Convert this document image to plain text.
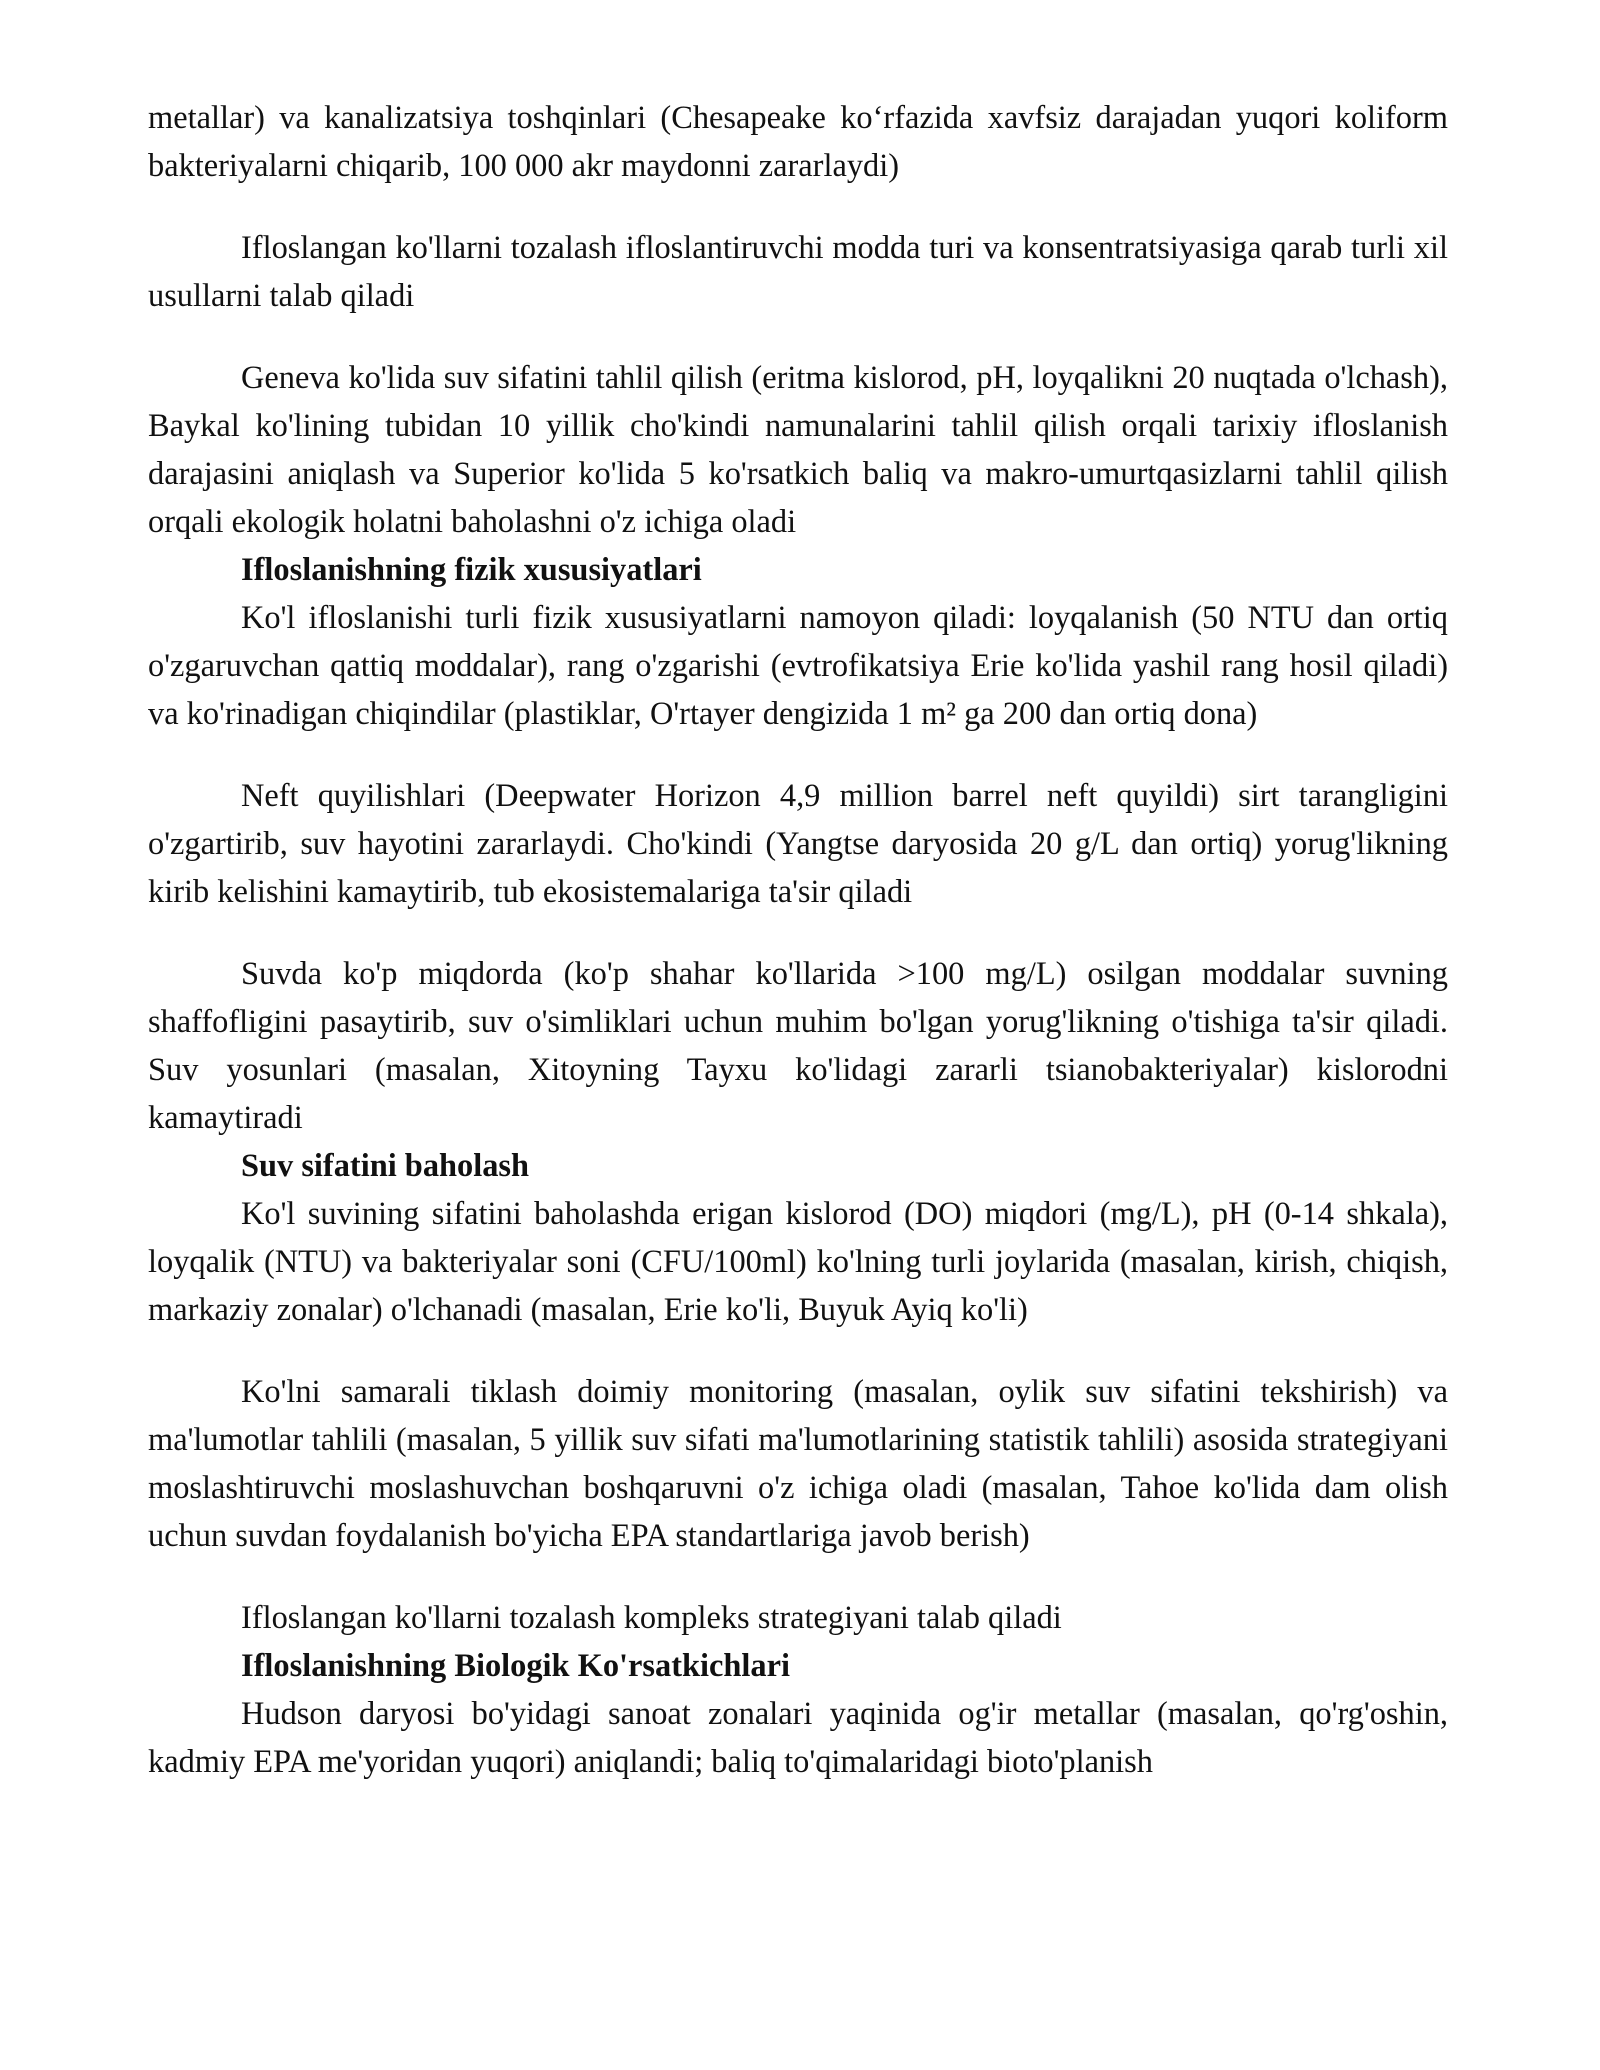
metallar) va kanalizatsiya toshqinlari (Chesapeake koʻrfazida xavfsiz darajadan yuqori koliform bakteriyalarni chiqarib, 100 000 akr maydonni zararlaydi)

Ifloslangan ko'llarni tozalash ifloslantiruvchi modda turi va konsentratsiyasiga qarab turli xil usullarni talab qiladi

Geneva ko'lida suv sifatini tahlil qilish (eritma kislorod, pH, loyqalikni 20 nuqtada o'lchash), Baykal ko'lining tubidan 10 yillik cho'kindi namunalarini tahlil qilish orqali tarixiy ifloslanish darajasini aniqlash va Superior ko'lida 5 ko'rsatkich baliq va makro-umurtqasizlarni tahlil qilish orqali ekologik holatni baholashni o'z ichiga oladi

Ifloslanishning fizik xususiyatlari

Ko'l ifloslanishi turli fizik xususiyatlarni namoyon qiladi: loyqalanish (50 NTU dan ortiq o'zgaruvchan qattiq moddalar), rang o'zgarishi (evtrofikatsiya Erie ko'lida yashil rang hosil qiladi) va ko'rinadigan chiqindilar (plastiklar, O'rtayer dengizida 1 m² ga 200 dan ortiq dona)

Neft quyilishlari (Deepwater Horizon 4,9 million barrel neft quyildi) sirt tarangligini o'zgartirib, suv hayotini zararlaydi. Cho'kindi (Yangtse daryosida 20 g/L dan ortiq) yorug'likning kirib kelishini kamaytirib, tub ekosistemalariga ta'sir qiladi

Suvda ko'p miqdorda (ko'p shahar ko'llarida >100 mg/L) osilgan moddalar suvning shaffofligini pasaytirib, suv o'simliklari uchun muhim bo'lgan yorug'likning o'tishiga ta'sir qiladi. Suv yosunlari (masalan, Xitoyning Tayxu ko'lidagi zararli tsianobakteriyalar) kislorodni kamaytiradi

Suv sifatini baholash

Ko'l suvining sifatini baholashda erigan kislorod (DO) miqdori (mg/L), pH (0-14 shkala), loyqalik (NTU) va bakteriyalar soni (CFU/100ml) ko'lning turli joylarida (masalan, kirish, chiqish, markaziy zonalar) o'lchanadi (masalan, Erie ko'li, Buyuk Ayiq ko'li)

Ko'lni samarali tiklash doimiy monitoring (masalan, oylik suv sifatini tekshirish) va ma'lumotlar tahlili (masalan, 5 yillik suv sifati ma'lumotlarining statistik tahlili) asosida strategiyani moslashtiruvchi moslashuvchan boshqaruvni o'z ichiga oladi (masalan, Tahoe ko'lida dam olish uchun suvdan foydalanish bo'yicha EPA standartlariga javob berish)

Ifloslangan ko'llarni tozalash kompleks strategiyani talab qiladi

Ifloslanishning Biologik Ko'rsatkichlari

Hudson daryosi bo'yidagi sanoat zonalari yaqinida og'ir metallar (masalan, qo'rg'oshin, kadmiy EPA me'yoridan yuqori) aniqlandi; baliq to'qimalaridagi bioto'planish
